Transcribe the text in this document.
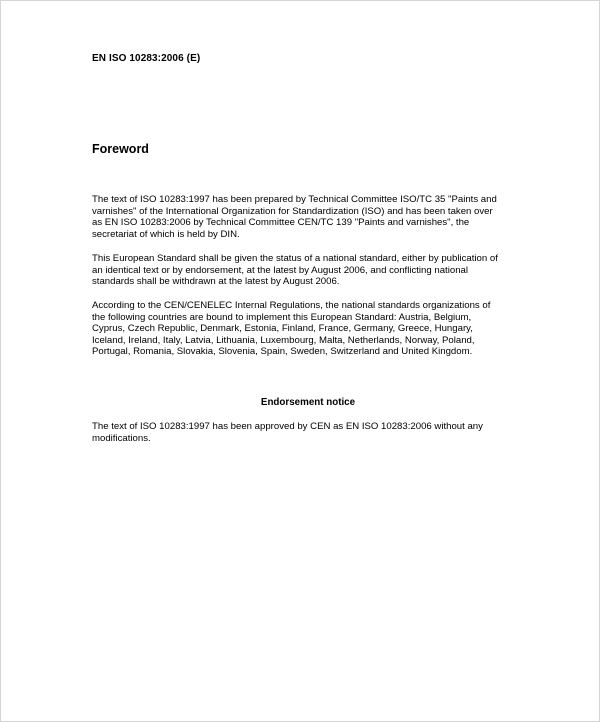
EN ISO 10283:2006 (E)

Foreword

The text of ISO 10283:1997 has been prepared by Technical Committee ISO/TC 35 "Paints and
varnishes" of the International Organization for Standardization (ISO) and has been taken over
as EN ISO 10283:2006 by Technical Committee CEN/TC 139 "Paints and varnishes", the
secretariat of which is held by DIN.

This European Standard shall be given the status of a national standard, either by publication of
an identical text or by endorsement, at the latest by August 2006, and conflicting national
standards shall be withdrawn at the latest by August 2006.

According to the CEN/CENELEC Internal Regulations, the national standards organizations of
the following countries are bound to implement this European Standard: Austria, Belgium,
Cyprus, Czech Republic, Denmark, Estonia, Finland, France, Germany, Greece, Hungary,
Iceland, Ireland, Italy, Latvia, Lithuania, Luxembourg, Malta, Netherlands, Norway, Poland,
Portugal, Romania, Slovakia, Slovenia, Spain, Sweden, Switzerland and United Kingdom.

Endorsement notice

The text of ISO 10283:1997 has been approved by CEN as EN ISO 10283:2006 without any
modifications.
